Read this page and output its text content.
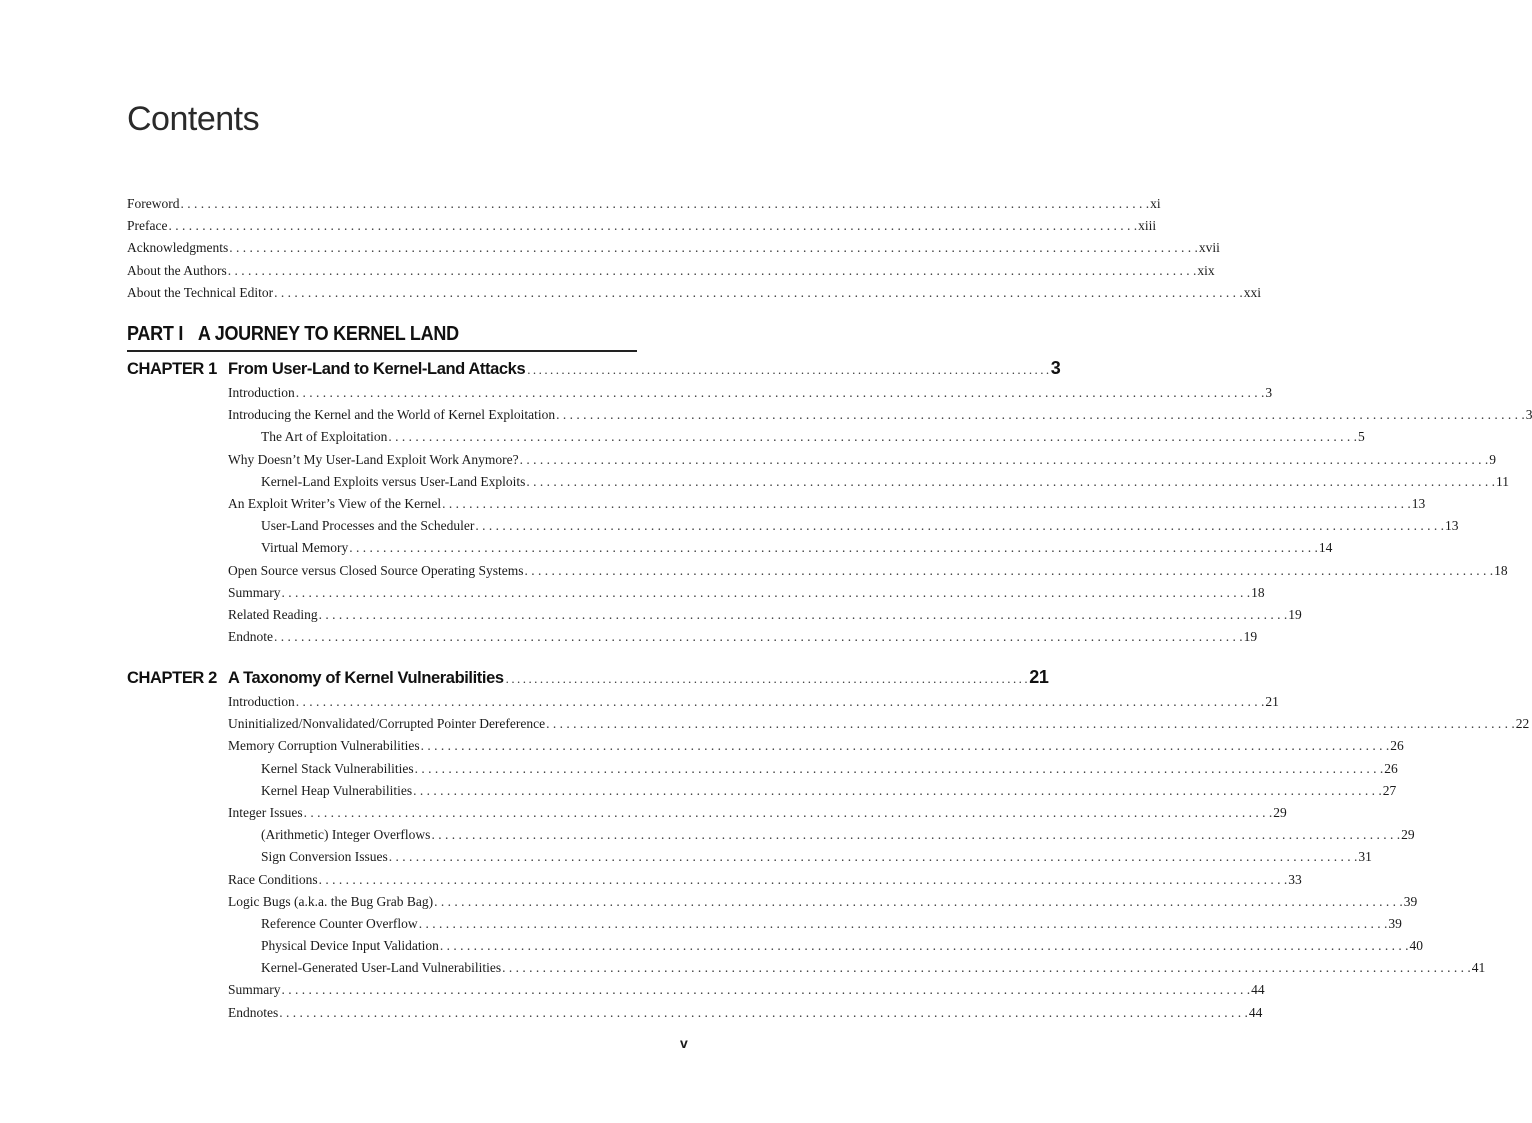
Contents
Foreword . . .	xi
Preface . . .	xiii
Acknowledgments . . .	xvii
About the Authors . . .	xix
About the Technical Editor . . .	xxi
PART I A JOURNEY TO KERNEL LAND
CHAPTER 1 From User-Land to Kernel-Land Attacks . . .	3
Introduction . . .	3
Introducing the Kernel and the World of Kernel Exploitation . . .	3
The Art of Exploitation . . .	5
Why Doesn’t My User-Land Exploit Work Anymore? . . .	9
Kernel-Land Exploits versus User-Land Exploits . . .	11
An Exploit Writer’s View of the Kernel . . .	13
User-Land Processes and the Scheduler . . .	13
Virtual Memory . . .	14
Open Source versus Closed Source Operating Systems . . .	18
Summary . . .	18
Related Reading . . .	19
Endnote . . .	19
CHAPTER 2 A Taxonomy of Kernel Vulnerabilities . . .	21
Introduction . . .	21
Uninitialized/Nonvalidated/Corrupted Pointer Dereference . . .	22
Memory Corruption Vulnerabilities . . .	26
Kernel Stack Vulnerabilities . . .	26
Kernel Heap Vulnerabilities . . .	27
Integer Issues . . .	29
(Arithmetic) Integer Overflows . . .	29
Sign Conversion Issues . . .	31
Race Conditions . . .	33
Logic Bugs (a.k.a. the Bug Grab Bag) . . .	39
Reference Counter Overflow . . .	39
Physical Device Input Validation . . .	40
Kernel-Generated User-Land Vulnerabilities . . .	41
Summary . . .	44
Endnotes . . .	44
v
